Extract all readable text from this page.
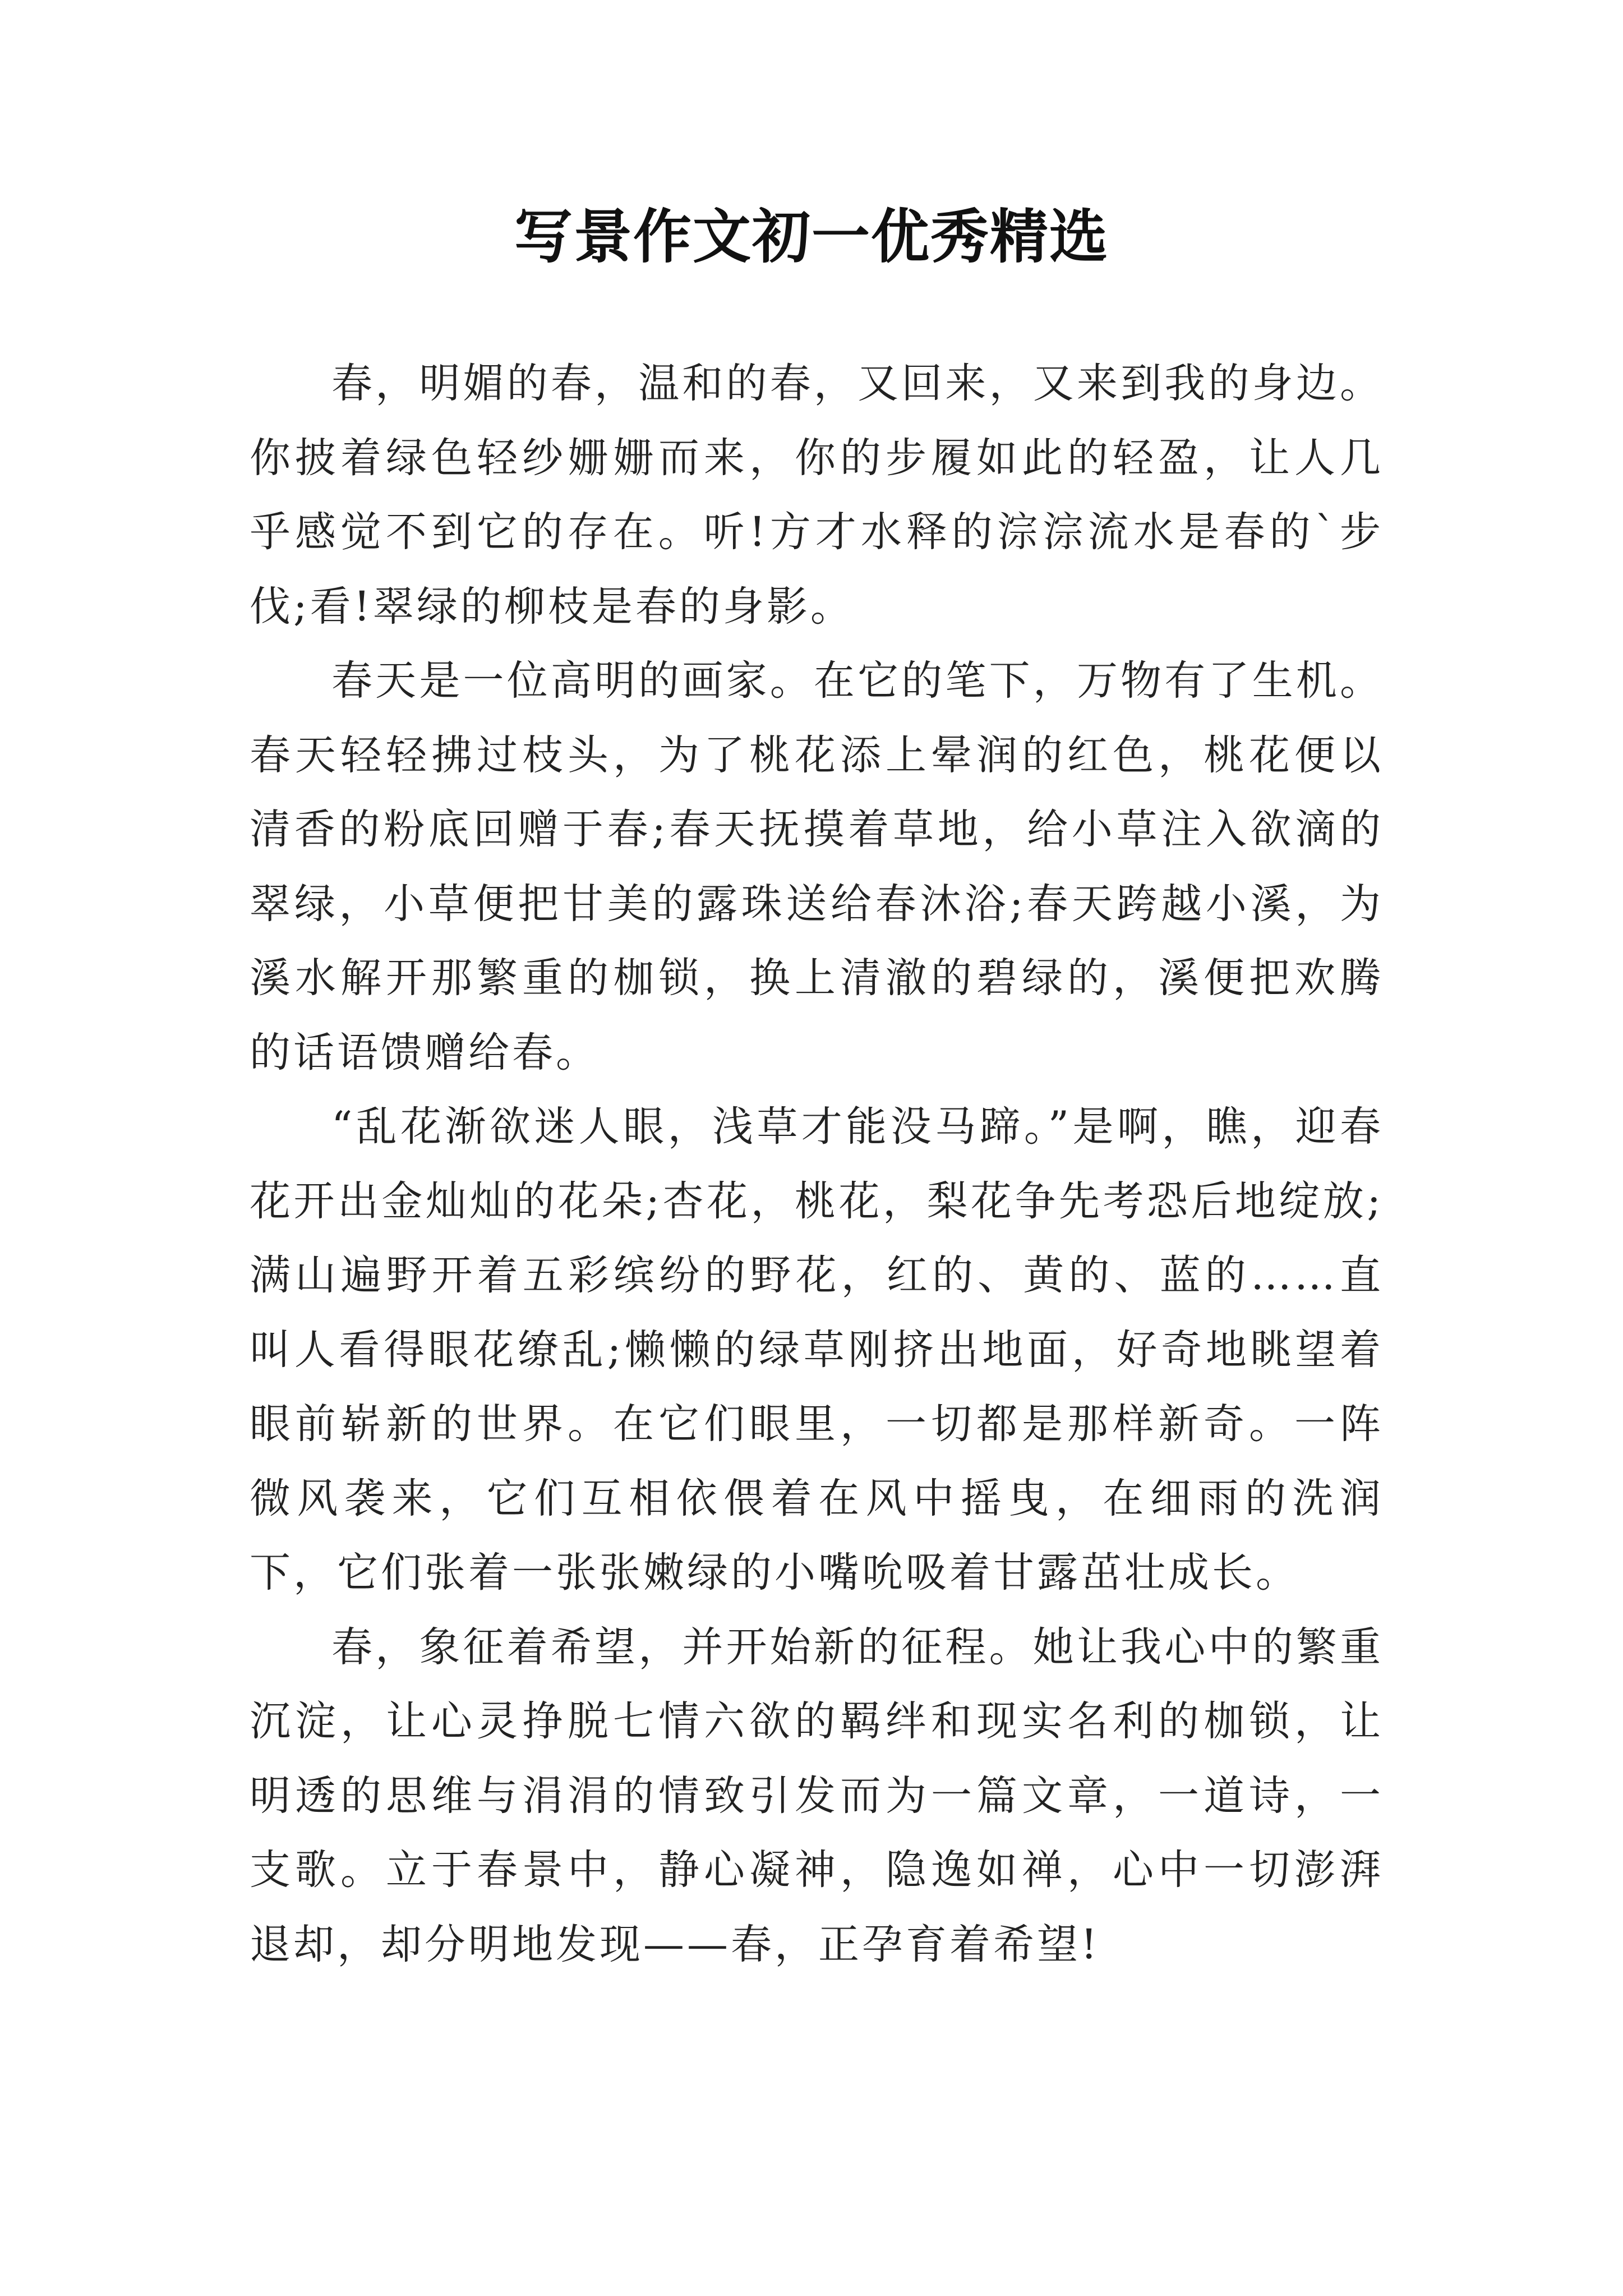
写景作文初一优秀精选

春，明媚的春，温和的春，又回来，又来到我的身边。你披着绿色轻纱姗姗而来，你的步履如此的轻盈，让人几乎感觉不到它的存在。听!方才水释的淙淙流水是春的`步伐;看!翠绿的柳枝是春的身影。

春天是一位高明的画家。在它的笔下，万物有了生机。春天轻轻拂过枝头，为了桃花添上晕润的红色，桃花便以清香的粉底回赠于春;春天抚摸着草地，给小草注入欲滴的翠绿，小草便把甘美的露珠送给春沐浴;春天跨越小溪，为溪水解开那繁重的枷锁，换上清澈的碧绿的，溪便把欢腾的话语馈赠给春。

“乱花渐欲迷人眼，浅草才能没马蹄。”是啊，瞧，迎春花开出金灿灿的花朵;杏花，桃花，梨花争先考恐后地绽放;满山遍野开着五彩缤纷的野花，红的、黄的、蓝的……直叫人看得眼花缭乱;懒懒的绿草刚挤出地面，好奇地眺望着眼前崭新的世界。在它们眼里，一切都是那样新奇。一阵微风袭来，它们互相依偎着在风中摇曳，在细雨的洗润下，它们张着一张张嫩绿的小嘴吮吸着甘露茁壮成长。

春，象征着希望，并开始新的征程。她让我心中的繁重沉淀，让心灵挣脱七情六欲的羁绊和现实名利的枷锁，让明透的思维与涓涓的情致引发而为一篇文章，一道诗，一支歌。立于春景中，静心凝神，隐逸如禅，心中一切澎湃退却，却分明地发现——春，正孕育着希望!
